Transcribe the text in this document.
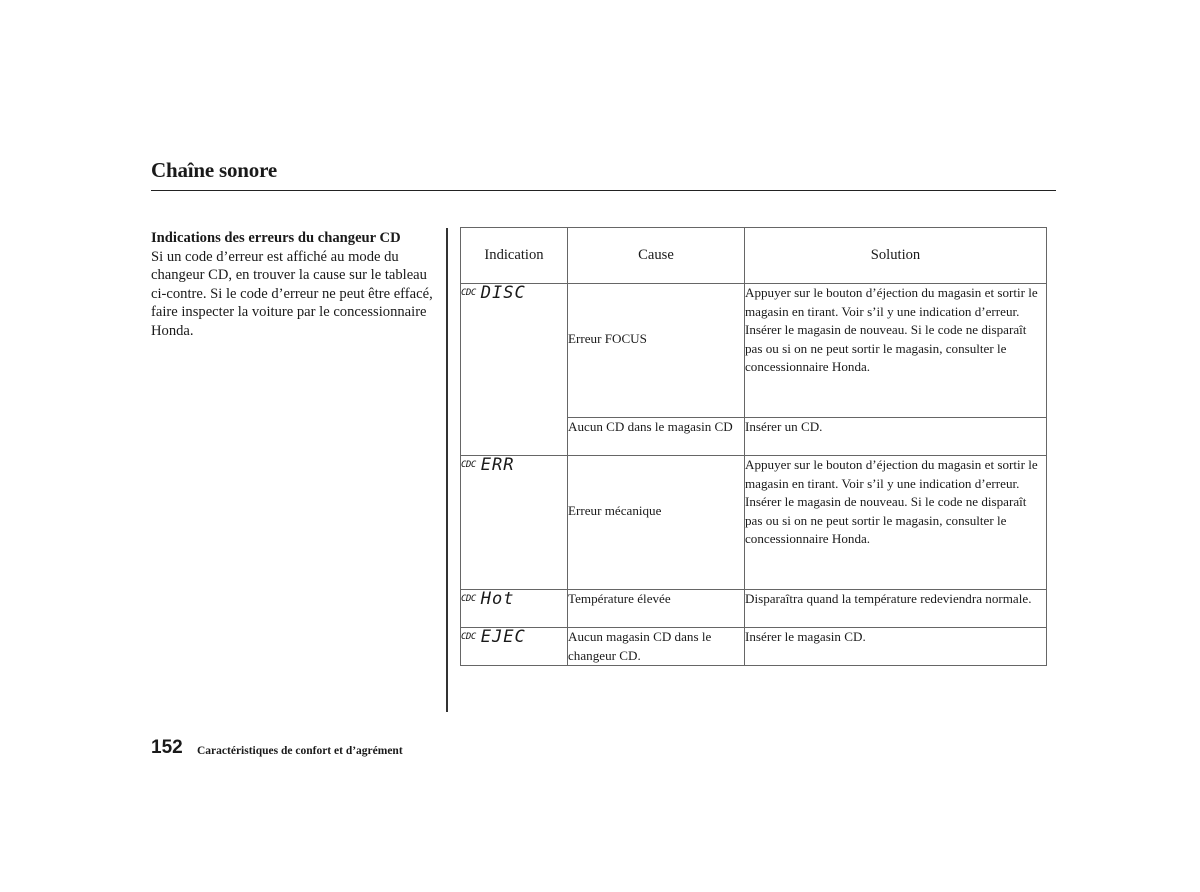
Chaîne sonore
Indications des erreurs du changeur CD
Si un code d’erreur est affiché au mode du changeur CD, en trouver la cause sur le tableau ci-contre. Si le code d’erreur ne peut être effacé, faire inspecter la voiture par le concessionnaire Honda.
Indication	Cause	Solution
CDC DISC	Erreur FOCUS	Appuyer sur le bouton d’éjection du magasin et sortir le magasin en tirant. Voir s’il y une indication d’erreur. Insérer le magasin de nouveau. Si le code ne disparaît pas ou si on ne peut sortir le magasin, consulter le concessionnaire Honda.
	Aucun CD dans le magasin CD	Insérer un CD.
CDC ERR	Erreur mécanique	Appuyer sur le bouton d’éjection du magasin et sortir le magasin en tirant. Voir s’il y une indication d’erreur. Insérer le magasin de nouveau. Si le code ne disparaît pas ou si on ne peut sortir le magasin, consulter le concessionnaire Honda.
CDC Hot	Température élevée	Disparaîtra quand la température redeviendra normale.
CDC EJEC	Aucun magasin CD dans le changeur CD.	Insérer le magasin CD.
152 Caractéristiques de confort et d’agrément
